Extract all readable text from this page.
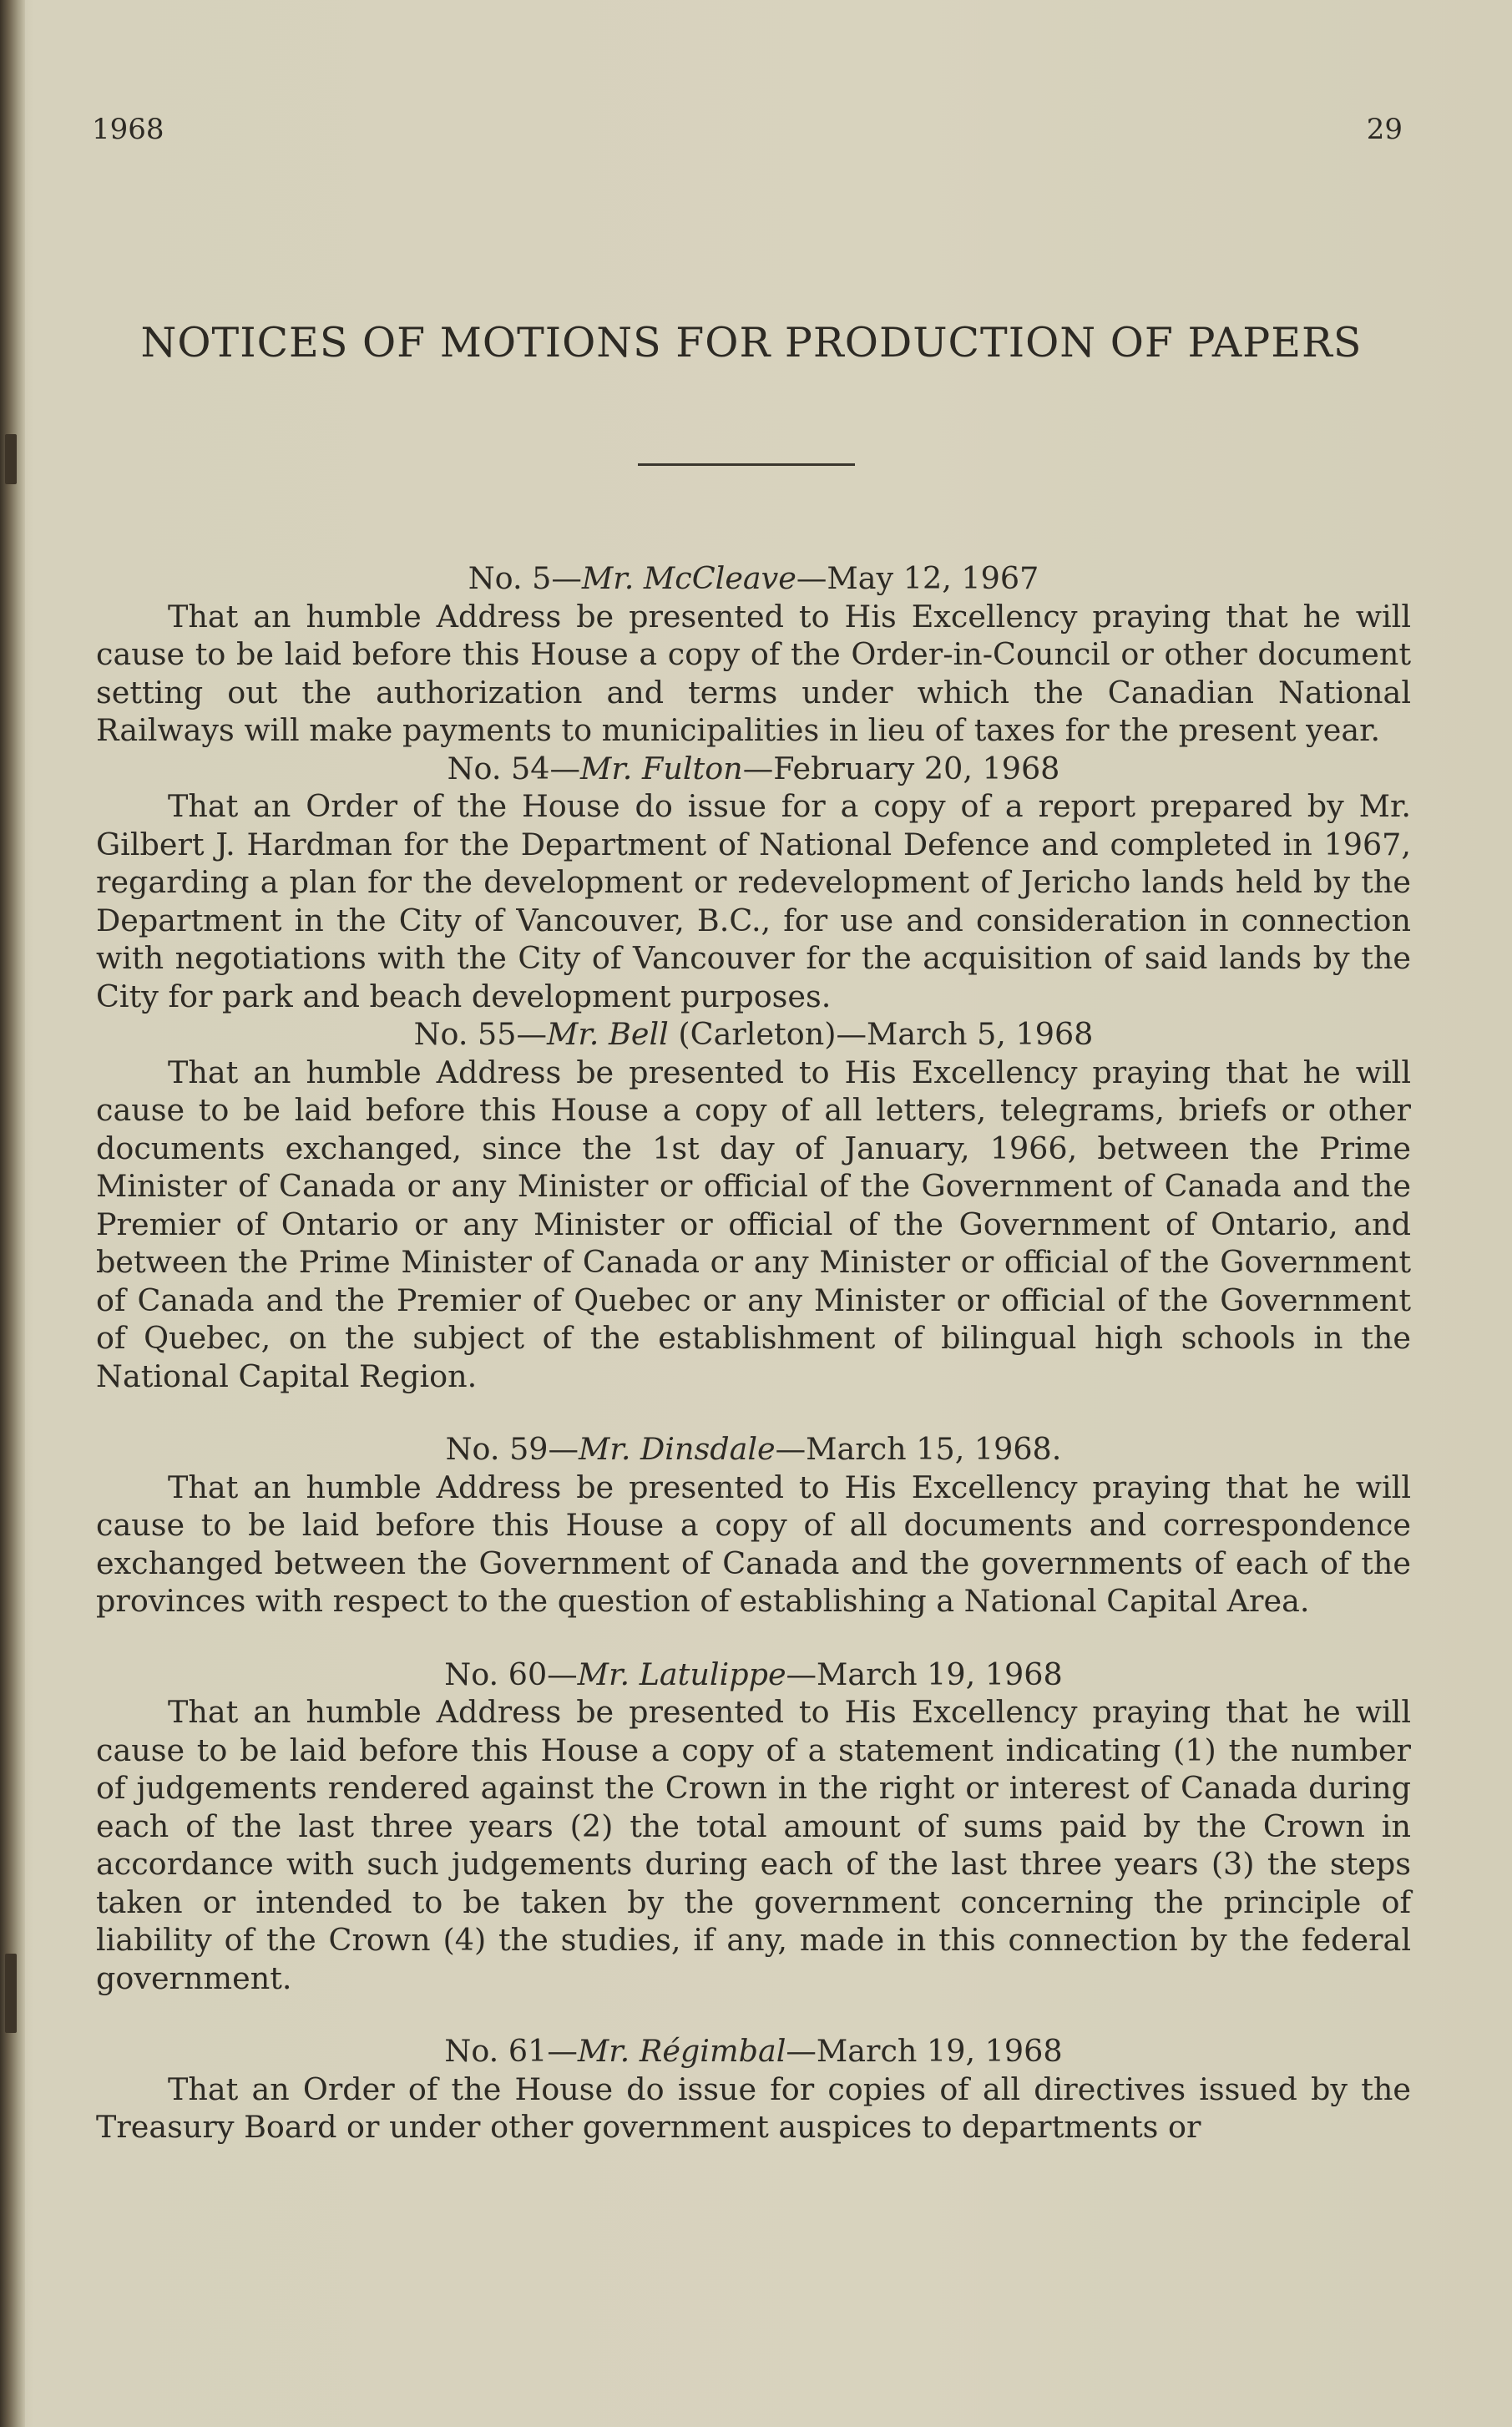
1968	29
NOTICES OF MOTIONS FOR PRODUCTION OF PAPERS

No. 5—Mr. McCleave—May 12, 1967

That an humble Address be presented to His Excellency praying that he will cause to be laid before this House a copy of the Order-in-Council or other document setting out the authorization and terms under which the Canadian National Railways will make payments to municipalities in lieu of taxes for the present year.

No. 54—Mr. Fulton—February 20, 1968

That an Order of the House do issue for a copy of a report prepared by Mr. Gilbert J. Hardman for the Department of National Defence and completed in 1967, regarding a plan for the development or redevelopment of Jericho lands held by the Department in the City of Vancouver, B.C., for use and consideration in connection with negotiations with the City of Vancouver for the acquisition of said lands by the City for park and beach development purposes.

No. 55—Mr. Bell (Carleton)—March 5, 1968

That an humble Address be presented to His Excellency praying that he will cause to be laid before this House a copy of all letters, telegrams, briefs or other documents exchanged, since the 1st day of January, 1966, between the Prime Minister of Canada or any Minister or official of the Government of Canada and the Premier of Ontario or any Minister or official of the Government of Ontario, and between the Prime Minister of Canada or any Minister or official of the Government of Canada and the Premier of Quebec or any Minister or official of the Government of Quebec, on the subject of the establishment of bilingual high schools in the National Capital Region.

No. 59—Mr. Dinsdale—March 15, 1968.

That an humble Address be presented to His Excellency praying that he will cause to be laid before this House a copy of all documents and correspondence exchanged between the Government of Canada and the governments of each of the provinces with respect to the question of establishing a National Capital Area.

No. 60—Mr. Latulippe—March 19, 1968

That an humble Address be presented to His Excellency praying that he will cause to be laid before this House a copy of a statement indicating (1) the number of judgements rendered against the Crown in the right or interest of Canada during each of the last three years (2) the total amount of sums paid by the Crown in accordance with such judgements during each of the last three years (3) the steps taken or intended to be taken by the government concerning the principle of liability of the Crown (4) the studies, if any, made in this connection by the federal government.

No. 61—Mr. Régimbal—March 19, 1968

That an Order of the House do issue for copies of all directives issued by the Treasury Board or under other government auspices to departments or
